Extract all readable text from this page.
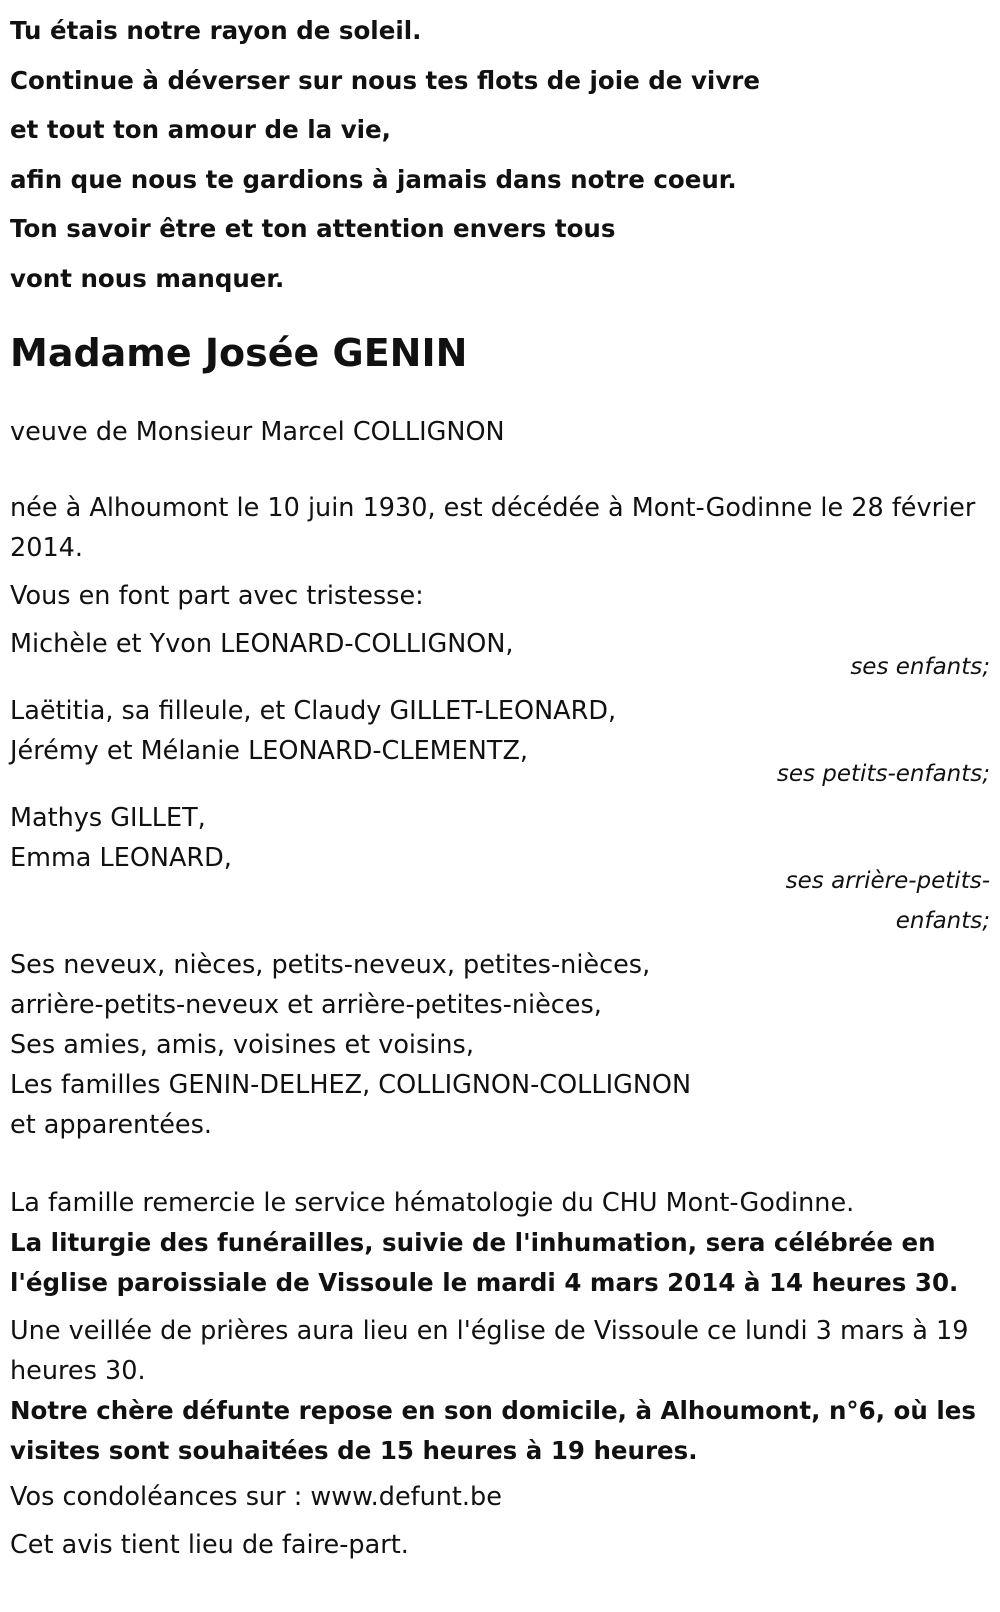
Tu étais notre rayon de soleil.
Continue à déverser sur nous tes flots de joie de vivre
et tout ton amour de la vie,
afin que nous te gardions à jamais dans notre coeur.
Ton savoir être et ton attention envers tous
vont nous manquer.
Madame Josée GENIN

veuve de Monsieur Marcel COLLIGNON

née à Alhoumont le 10 juin 1930, est décédée à Mont-Godinne le 28 février 2014.

Vous en font part avec tristesse:

Michèle et Yvon LEONARD-COLLIGNON,

ses enfants;

Laëtitia, sa filleule, et Claudy GILLET-LEONARD,
Jérémy et Mélanie LEONARD-CLEMENTZ,

ses petits-enfants;

Mathys GILLET,
Emma LEONARD,

ses arrière-petits-enfants;

Ses neveux, nièces, petits-neveux, petites-nièces,
arrière-petits-neveux et arrière-petites-nièces,
Ses amies, amis, voisines et voisins,
Les familles GENIN-DELHEZ, COLLIGNON-COLLIGNON
et apparentées.

La famille remercie le service hématologie du CHU Mont-Godinne.

La liturgie des funérailles, suivie de l'inhumation, sera célébrée en l'église paroissiale de Vissoule le mardi 4 mars 2014 à 14 heures 30.

Une veillée de prières aura lieu en l'église de Vissoule ce lundi 3 mars à 19 heures 30.

Notre chère défunte repose en son domicile, à Alhoumont, n°6, où les visites sont souhaitées de 15 heures à 19 heures.

Vos condoléances sur : www.defunt.be

Cet avis tient lieu de faire-part.
